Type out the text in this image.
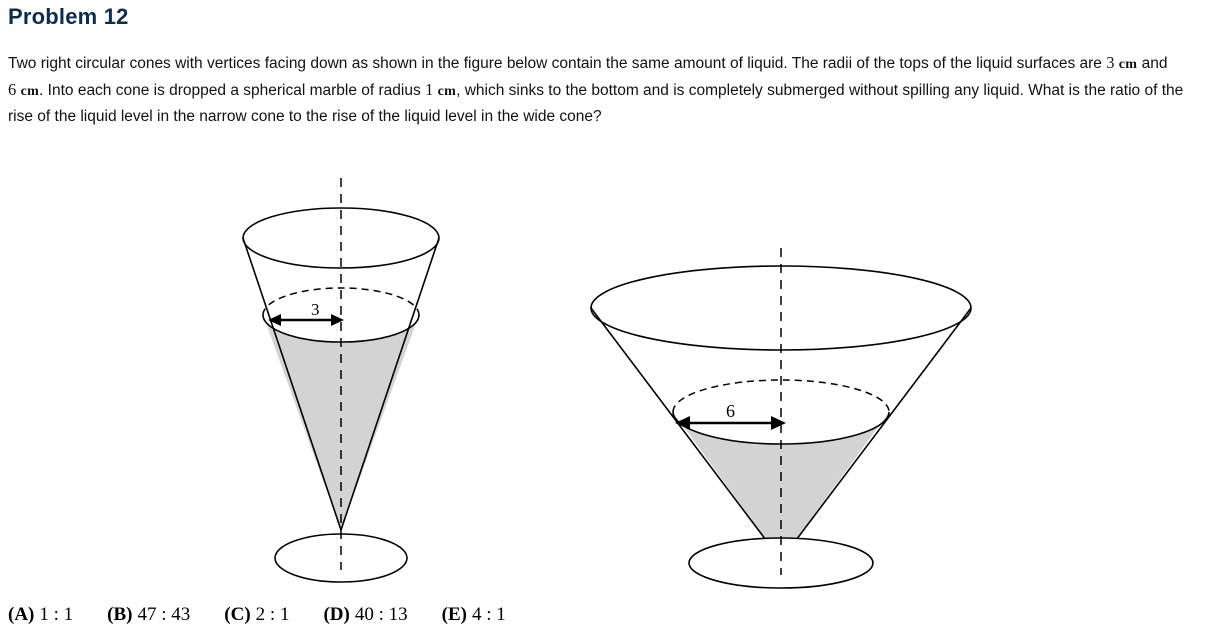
Problem 12
Two right circular cones with vertices facing down as shown in the figure below contain the same amount of liquid. The radii of the tops of the liquid surfaces are 3 cm and 6 cm. Into each cone is dropped a spherical marble of radius 1 cm, which sinks to the bottom and is completely submerged without spilling any liquid. What is the ratio of the rise of the liquid level in the narrow cone to the rise of the liquid level in the wide cone?
3
6
(A) 1 : 1 (B) 47 : 43 (C) 2 : 1 (D) 40 : 13 (E) 4 : 1
